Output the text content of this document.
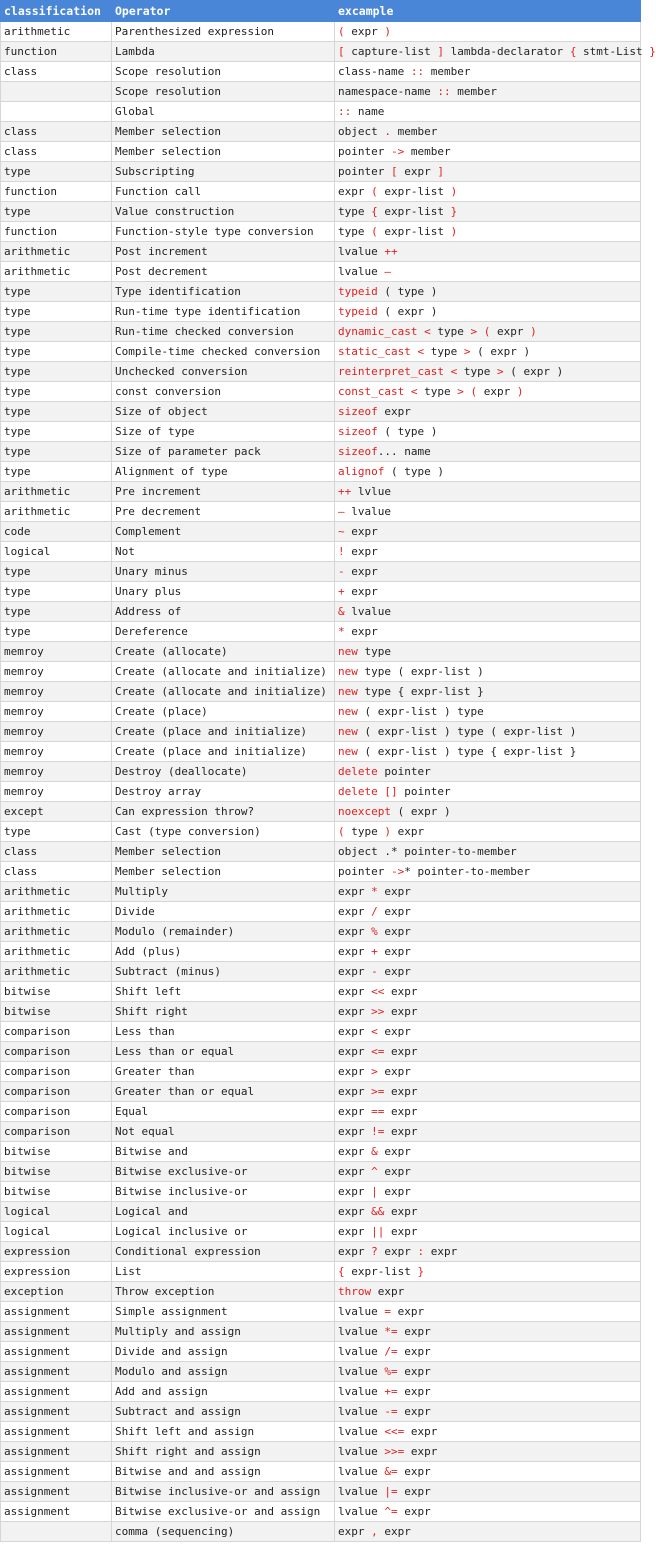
classification	Operator	excample
arithmetic	Parenthesized expression	( expr )
function	Lambda	[ capture-list ] lambda-declarator { stmt-List }
class	Scope resolution	class-name :: member
	Scope resolution	namespace-name :: member
	Global	:: name
class	Member selection	object . member
class	Member selection	pointer -> member
type	Subscripting	pointer [ expr ]
function	Function call	expr ( expr-list )
type	Value construction	type { expr-list }
function	Function-style type conversion	type ( expr-list )
arithmetic	Post increment	lvalue ++
arithmetic	Post decrement	lvalue —
type	Type identification	typeid ( type )
type	Run-time type identification	typeid ( expr )
type	Run-time checked conversion	dynamic_cast < type > ( expr )
type	Compile-time checked conversion	static_cast < type > ( expr )
type	Unchecked conversion	reinterpret_cast < type > ( expr )
type	const conversion	const_cast < type > ( expr )
type	Size of object	sizeof expr
type	Size of type	sizeof ( type )
type	Size of parameter pack	sizeof... name
type	Alignment of type	alignof ( type )
arithmetic	Pre increment	++ lvlue
arithmetic	Pre decrement	— lvalue
code	Complement	~ expr
logical	Not	! expr
type	Unary minus	- expr
type	Unary plus	+ expr
type	Address of	& lvalue
type	Dereference	* expr
memroy	Create (allocate)	new type
memroy	Create (allocate and initialize)	new type ( expr-list )
memroy	Create (allocate and initialize)	new type { expr-list }
memroy	Create (place)	new ( expr-list ) type
memroy	Create (place and initialize)	new ( expr-list ) type ( expr-list )
memroy	Create (place and initialize)	new ( expr-list ) type { expr-list }
memroy	Destroy (deallocate)	delete pointer
memroy	Destroy array	delete [] pointer
except	Can expression throw?	noexcept ( expr )
type	Cast (type conversion)	( type ) expr
class	Member selection	object .* pointer-to-member
class	Member selection	pointer ->* pointer-to-member
arithmetic	Multiply	expr * expr
arithmetic	Divide	expr / expr
arithmetic	Modulo (remainder)	expr % expr
arithmetic	Add (plus)	expr + expr
arithmetic	Subtract (minus)	expr - expr
bitwise	Shift left	expr << expr
bitwise	Shift right	expr >> expr
comparison	Less than	expr < expr
comparison	Less than or equal	expr <= expr
comparison	Greater than	expr > expr
comparison	Greater than or equal	expr >= expr
comparison	Equal	expr == expr
comparison	Not equal	expr != expr
bitwise	Bitwise and	expr & expr
bitwise	Bitwise exclusive-or	expr ^ expr
bitwise	Bitwise inclusive-or	expr | expr
logical	Logical and	expr && expr
logical	Logical inclusive or	expr || expr
expression	Conditional expression	expr ? expr : expr
expression	List	{ expr-list }
exception	Throw exception	throw expr
assignment	Simple assignment	lvalue = expr
assignment	Multiply and assign	lvalue *= expr
assignment	Divide and assign	lvalue /= expr
assignment	Modulo and assign	lvalue %= expr
assignment	Add and assign	lvalue += expr
assignment	Subtract and assign	lvalue -= expr
assignment	Shift left and assign	lvalue <<= expr
assignment	Shift right and assign	lvalue >>= expr
assignment	Bitwise and and assign	lvalue &= expr
assignment	Bitwise inclusive-or and assign	lvalue |= expr
assignment	Bitwise exclusive-or and assign	lvalue ^= expr
	comma (sequencing)	expr , expr
